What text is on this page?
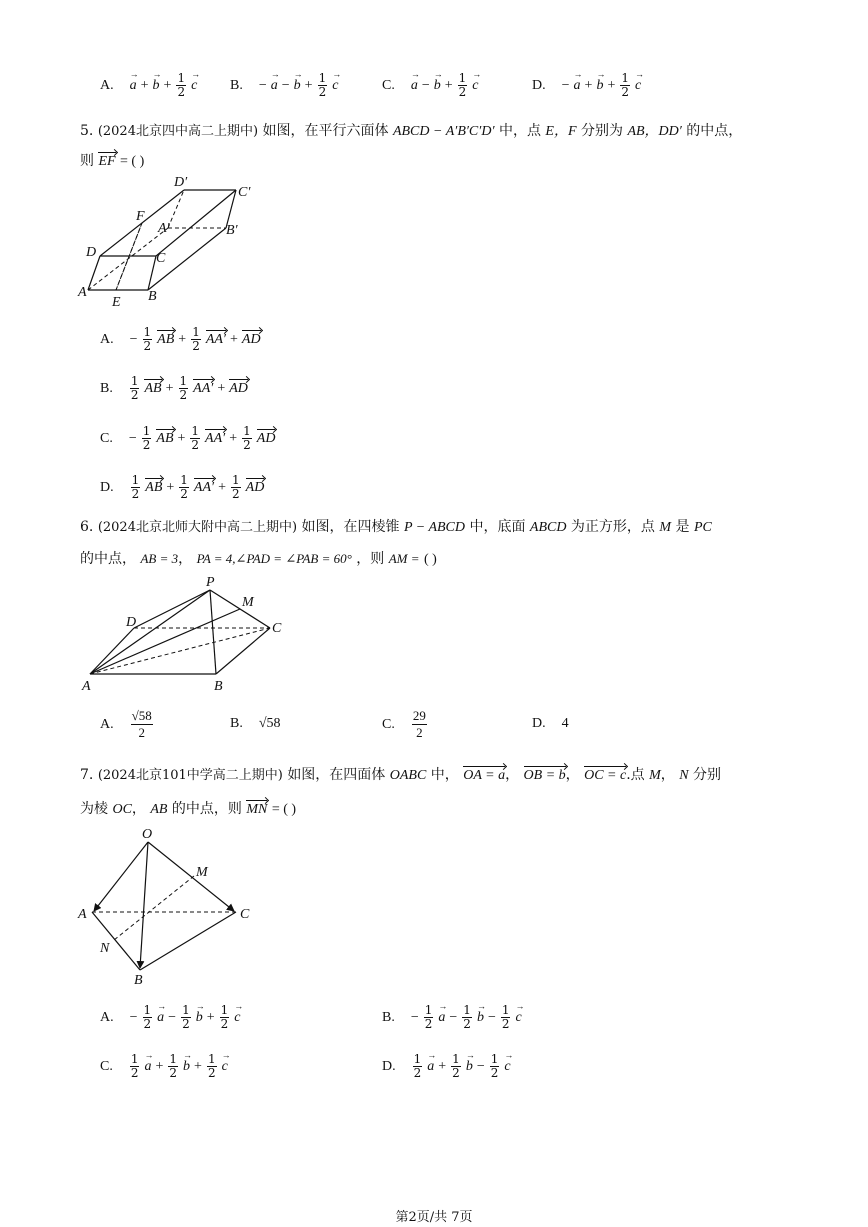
A.
→ a +
→ $b + \frac{1}{2}$
→ c B. −
→ a −
→ $b + \frac{1}{2}$
→ c	C.
→ a −
→ $b + \frac{1}{2}$
→ c	D. −
→ a +
→ $b + \frac{1}{2}$
→ c
5. (2024北京四中高二上期中) 如图，在平行六面体 ABCD − A′B′C′D′ 中，点 E，F 分别为 AB，DD′ 的中点，
则 EF = ( )
D′
C′
F
A′	B′
D	C
A
E B
A. − $\frac{1}{2}$ AB + $\frac{1}{2} AA'$ + AD
B. $\frac{1}{2}$ AB + $\frac{1}{2} AA'$ + AD
C. − $\frac{1}{2}$ AB + $\frac{1}{2} AA' + \frac{1}{2}$ AD
D. $\frac{1}{2}$ AB + $\frac{1}{2} AA' + \frac{1}{2}$ AD
6. (2024北京北师大附中高二上期中) 如图，在四棱锥 P − ABCD 中，底面 ABCD 为正方形，点 M 是 PC
的中点， AB = 3， PA = 4,∠PAD = ∠PAB = 60° ，则 AM = ( )
P
M
D	C
A	B
A. $\frac{√58}{2}$	B. √58	C. $\frac{29}{2}$	D. 4
7. (2024北京101中学高二上期中) 如图，在四面体 OABC 中， OA = a， OB = b， OC = c.点 M， N 分别
为棱 OC， AB 的中点，则 MN = ( )
O
M
A	C
N
B
A. − $\frac{1}{2}$
→ $a - \frac{1}{2}$
→ $b + \frac{1}{2}$
→ c	B. − $\frac{1}{2}$
→ $a - \frac{1}{2}$
→ $b - \frac{1}{2}$
→ c
C. $\frac{1}{2}$
→ $a + \frac{1}{2}$
→ $b + \frac{1}{2}$
→ c	D. $\frac{1}{2}$
→ $a + \frac{1}{2}$
→ $b - \frac{1}{2}$
→ c
第2页/共 7页
